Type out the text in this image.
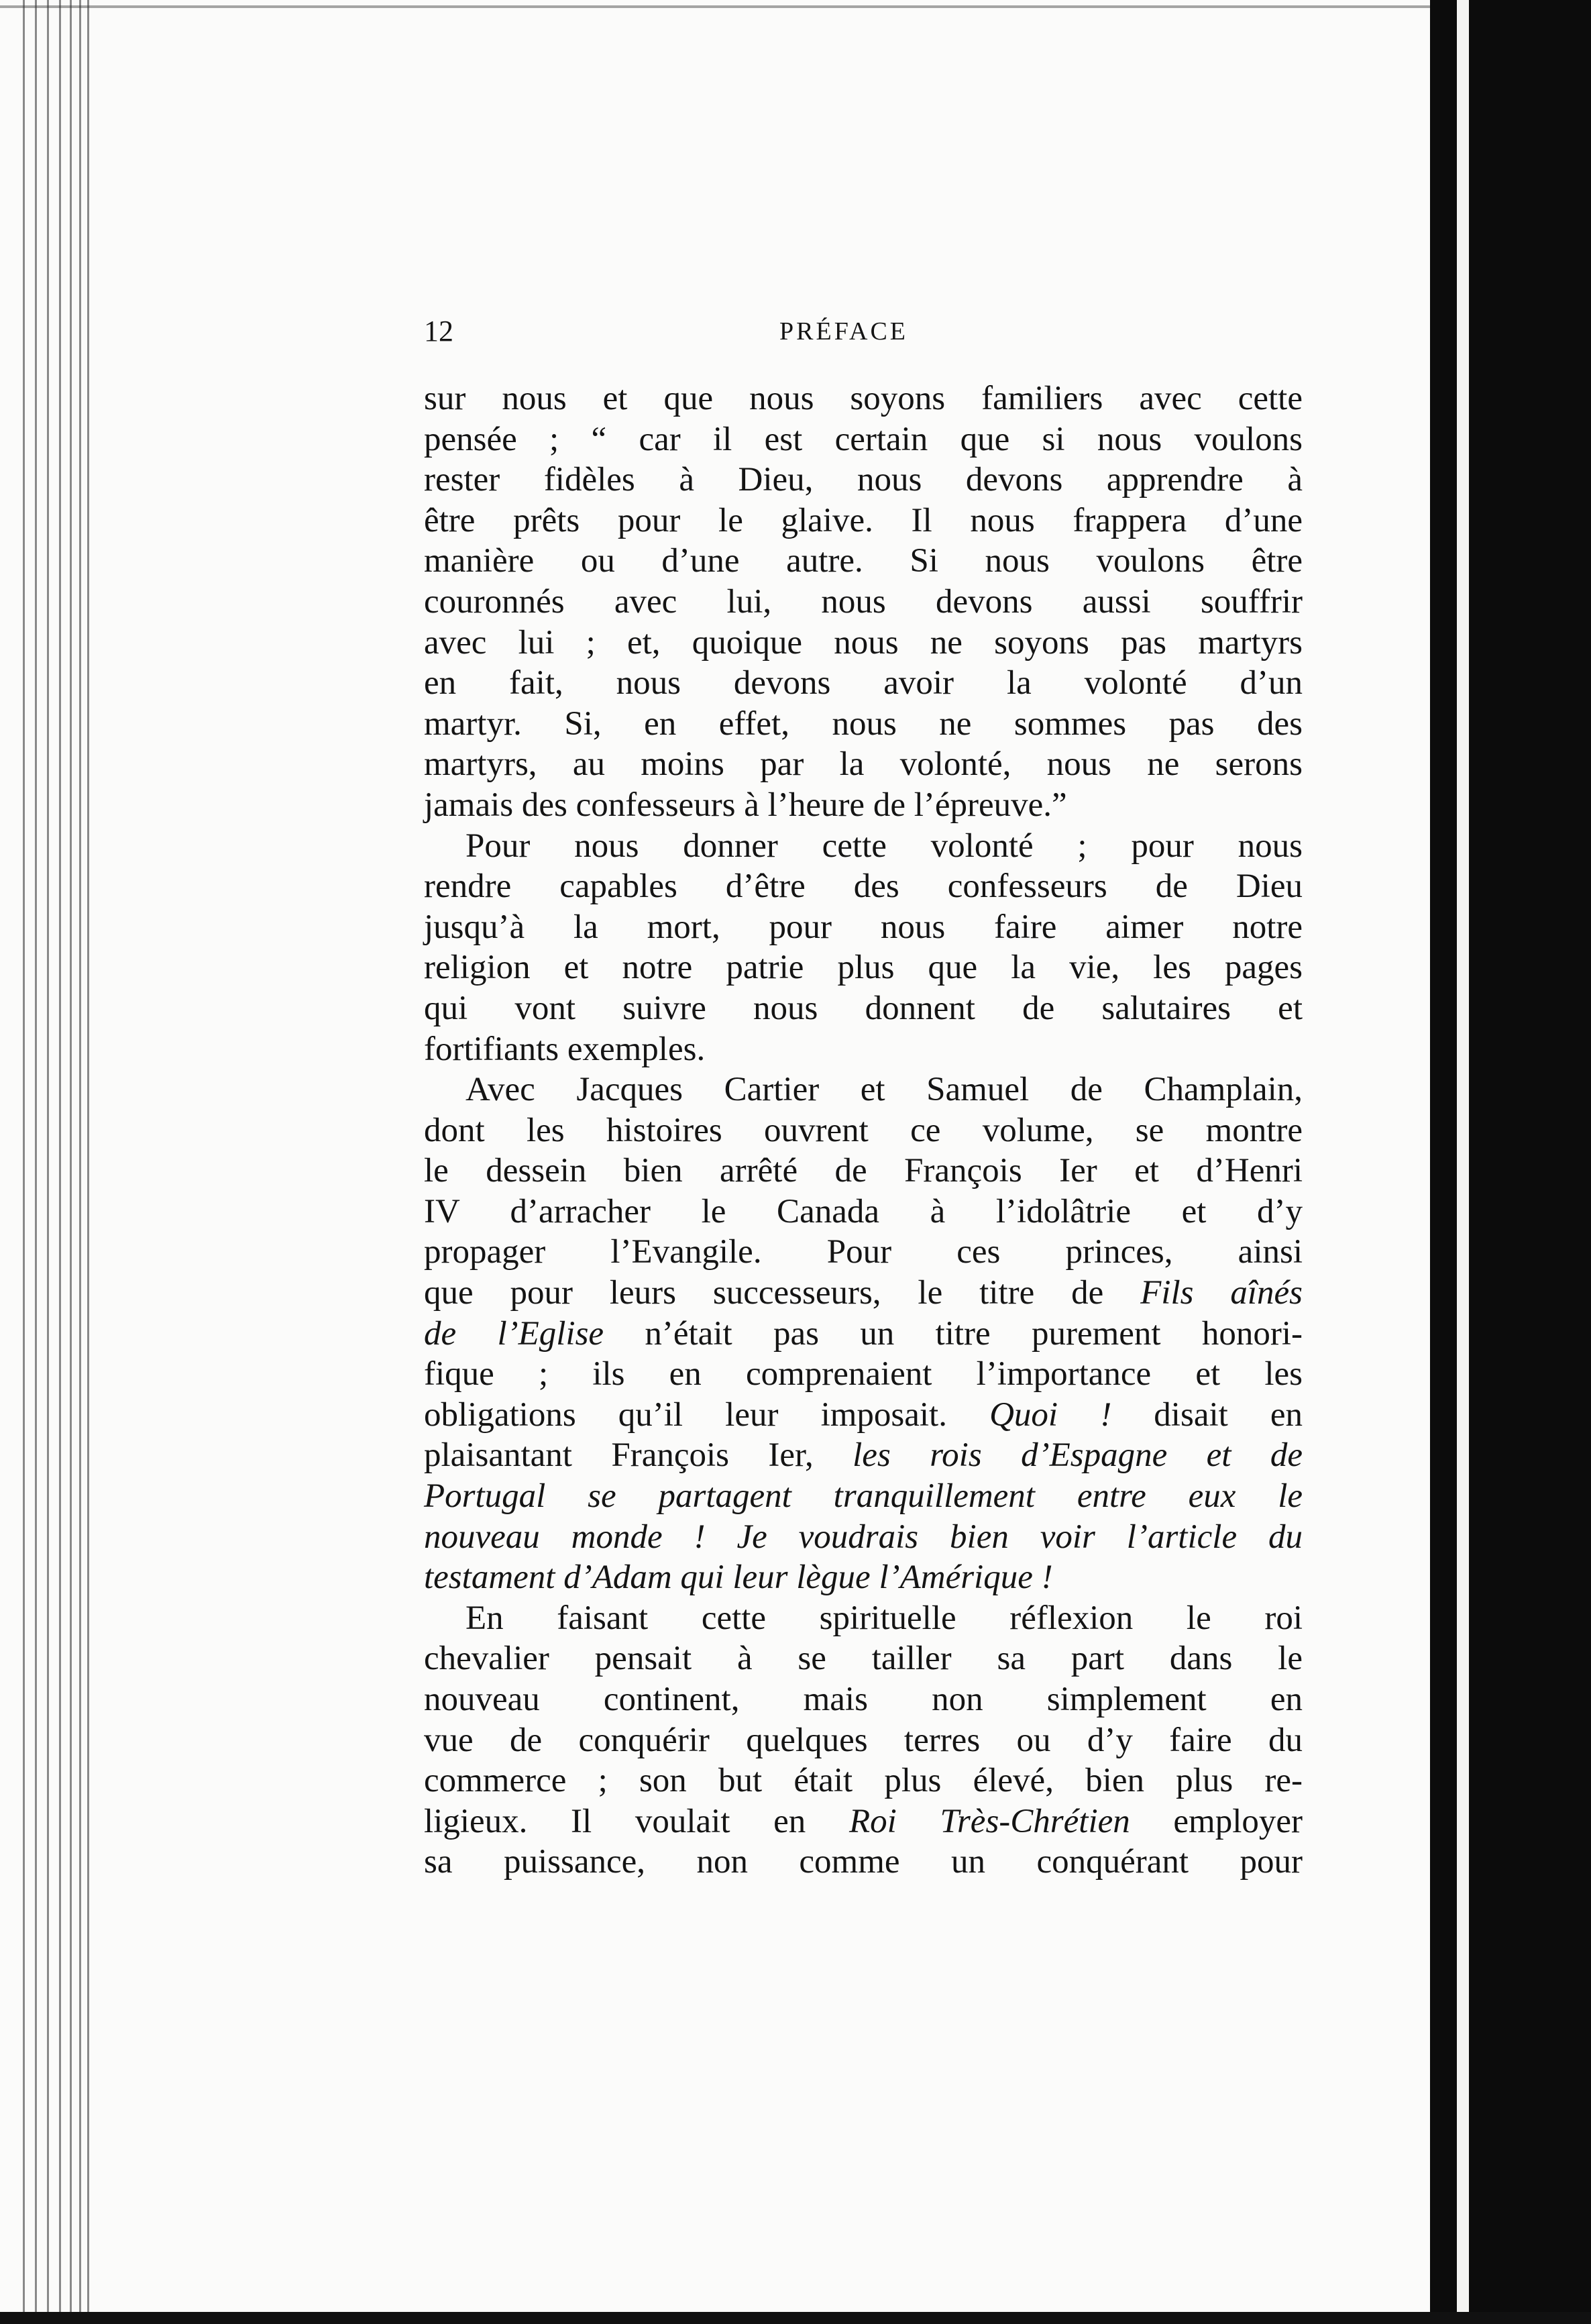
12	PRÉFACE
sur nous et que nous soyons familiers avec cette
pensée ; “ car il est certain que si nous voulons
rester fidèles à Dieu, nous devons apprendre à
être prêts pour le glaive. Il nous frappera d’une
manière ou d’une autre. Si nous voulons être
couronnés avec lui, nous devons aussi souffrir
avec lui ; et, quoique nous ne soyons pas martyrs
en fait, nous devons avoir la volonté d’un
martyr. Si, en effet, nous ne sommes pas des
martyrs, au moins par la volonté, nous ne serons
jamais des confesseurs à l’heure de l’épreuve.”
Pour nous donner cette volonté ; pour nous
rendre capables d’être des confesseurs de Dieu
jusqu’à la mort, pour nous faire aimer notre
religion et notre patrie plus que la vie, les pages
qui vont suivre nous donnent de salutaires et
fortifiants exemples.
Avec Jacques Cartier et Samuel de Champlain,
dont les histoires ouvrent ce volume, se montre
le dessein bien arrêté de François Ier et d’Henri
IV d’arracher le Canada à l’idolâtrie et d’y
propager l’Evangile. Pour ces princes, ainsi
que pour leurs successeurs, le titre de Fils aînés
de l’Eglise n’était pas un titre purement honori-
fique ; ils en comprenaient l’importance et les
obligations qu’il leur imposait. Quoi ! disait en
plaisantant François Ier, les rois d’Espagne et de
Portugal se partagent tranquillement entre eux le
nouveau monde ! Je voudrais bien voir l’article du
testament d’Adam qui leur lègue l’Amérique !
En faisant cette spirituelle réflexion le roi
chevalier pensait à se tailler sa part dans le
nouveau continent, mais non simplement en
vue de conquérir quelques terres ou d’y faire du
commerce ; son but était plus élevé, bien plus re-
ligieux. Il voulait en Roi Très-Chrétien employer
sa puissance, non comme un conquérant pour
